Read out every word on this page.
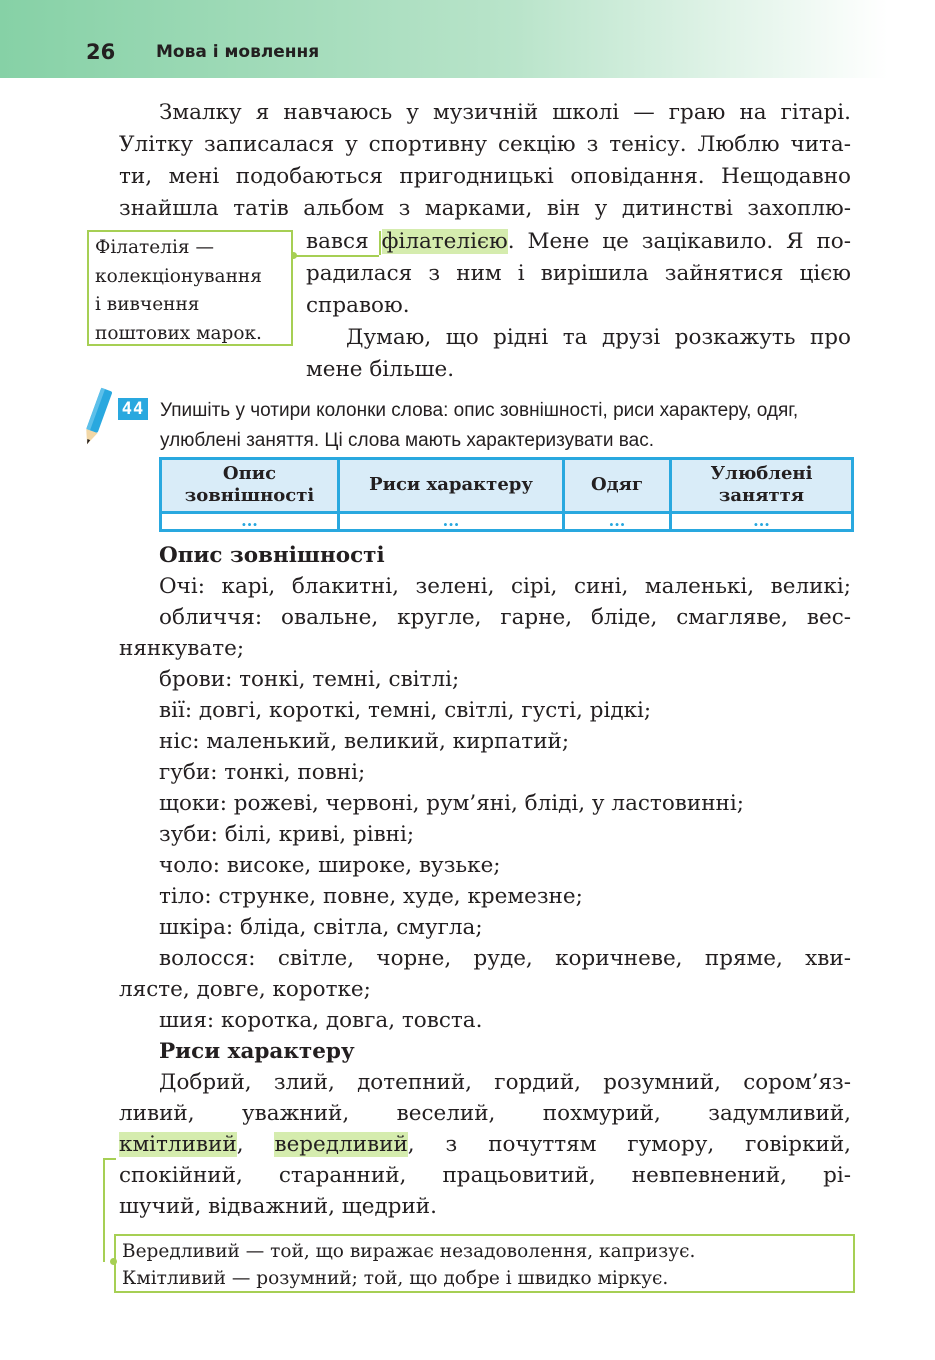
26 Мова і мовлення
Змалку я навчаюсь у музичній школі — граю на гітарі.
Улітку записалася у спортивну секцію з тенісу. Люблю чита-
ти, мені подобаються пригодницькі оповідання. Нещодавно
знайшла татів альбом з марками, він у дитинстві захоплю-
вався філателією. Мене це зацікавило. Я по-
радилася з ним і вирішила зайнятися цією
справою.
Думаю, що рідні та друзі розкажуть про
мене більше.
Філателія —
колекціонування
і вивчення
поштових марок.
44 Упишіть у чотири колонки слова: опис зовнішності, риси характеру, одяг, улюблені заняття. Ці слова мають характеризувати вас.

Опис зовнішності	Риси характеру	Одяг	Улюблені заняття
...	...	...	...
Опис зовнішності
Очі: карі, блакитні, зелені, сірі, сині, маленькі, великі;
обличчя: овальне, кругле, гарне, бліде, смагляве, вес-
нянкувате;
брови: тонкі, темні, світлі;
вії: довгі, короткі, темні, світлі, густі, рідкі;
ніс: маленький, великий, кирпатий;
губи: тонкі, повні;
щоки: рожеві, червоні, рум’яні, бліді, у ластовинні;
зуби: білі, криві, рівні;
чоло: високе, широке, вузьке;
тіло: струнке, повне, худе, кремезне;
шкіра: бліда, світла, смугла;
волосся: світле, чорне, руде, коричневе, пряме, хви-
лясте, довге, коротке;
шия: коротка, довга, товста.
Риси характеру
Добрий, злий, дотепний, гордий, розумний, сором’яз-
ливий, уважний, веселий, похмурий, задумливий,
кмітливий, вередливий, з почуттям гумору, говіркий,
спокійний, старанний, працьовитий, невпевнений, рі-
шучий, відважний, щедрий.
Вередливий — той, що виражає незадоволення, капризує.
Кмітливий — розумний; той, що добре і швидко міркує.
